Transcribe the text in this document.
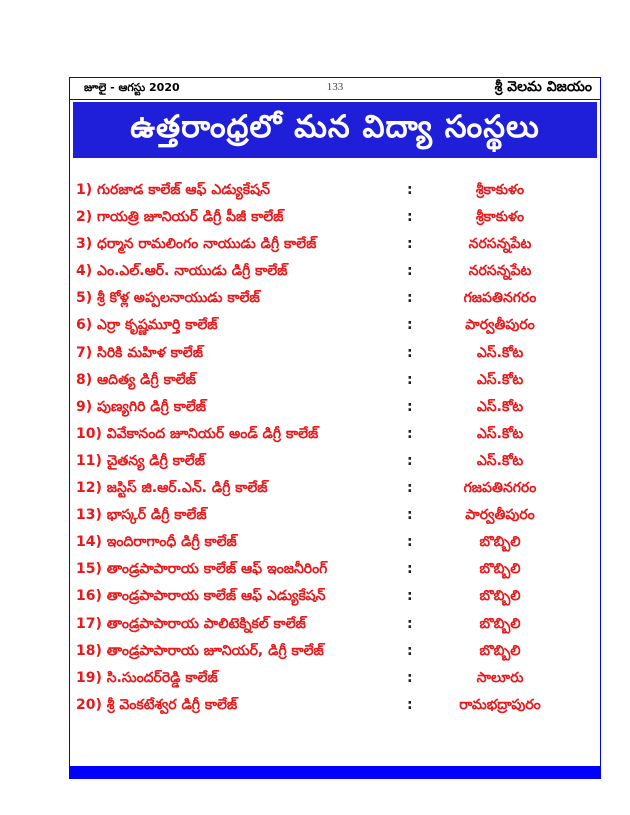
జూలై - ఆగస్టు 2020	133	శ్రీ వెలమ విజయం
ఉత్తరాంధ్రలో మన విద్యా సంస్థలు
1) గురజాడ కాలేజ్ ఆఫ్ ఎడ్యుకేషన్	:	శ్రీకాకుళం
2) గాయత్రి జూనియర్ డిగ్రీ పీజీ కాలేజ్	:	శ్రీకాకుళం
3) ధర్మాన రామలింగం నాయుడు డిగ్రీ కాలేజ్	:	నరసన్నపేట
4) ఎం.ఎల్.ఆర్. నాయుడు డిగ్రీ కాలేజ్	:	నరసన్నపేట
5) శ్రీ కోళ్ల అప్పలనాయుడు కాలేజ్	:	గజపతినగరం
6) ఎర్రా కృష్ణమూర్తి కాలేజ్	:	పార్వతీపురం
7) సిరికి మహిళ కాలేజ్	:	ఎస్.కోట
8) ఆదిత్య డిగ్రీ కాలేజ్	:	ఎస్.కోట
9) పుణ్యగిరి డిగ్రీ కాలేజ్	:	ఎస్.కోట
10) వివేకానంద జూనియర్ అండ్ డిగ్రీ కాలేజ్	:	ఎస్.కోట
11) చైతన్య డిగ్రీ కాలేజ్	:	ఎస్.కోట
12) జస్టిస్ జి.ఆర్.ఎన్. డిగ్రీ కాలేజ్	:	గజపతినగరం
13) భాస్కర్ డిగ్రీ కాలేజ్	:	పార్వతీపురం
14) ఇందిరాగాంధీ డిగ్రీ కాలేజ్	:	బొబ్బిలి
15) తాండ్రపాపారాయ కాలేజ్ ఆఫ్ ఇంజనీరింగ్	:	బొబ్బిలి
16) తాండ్రపాపారాయ కాలేజ్ ఆఫ్ ఎడ్యుకేషన్	:	బొబ్బిలి
17) తాండ్రపాపారాయ పాలిటెక్నికల్ కాలేజ్	:	బొబ్బిలి
18) తాండ్రపాపారాయ జూనియర్, డిగ్రీ కాలేజ్	:	బొబ్బిలి
19) సి.సుందర్‌రెడ్డి కాలేజ్	:	సాలూరు
20) శ్రీ వెంకటేశ్వర డిగ్రీ కాలేజ్	:	రామభద్రాపురం
